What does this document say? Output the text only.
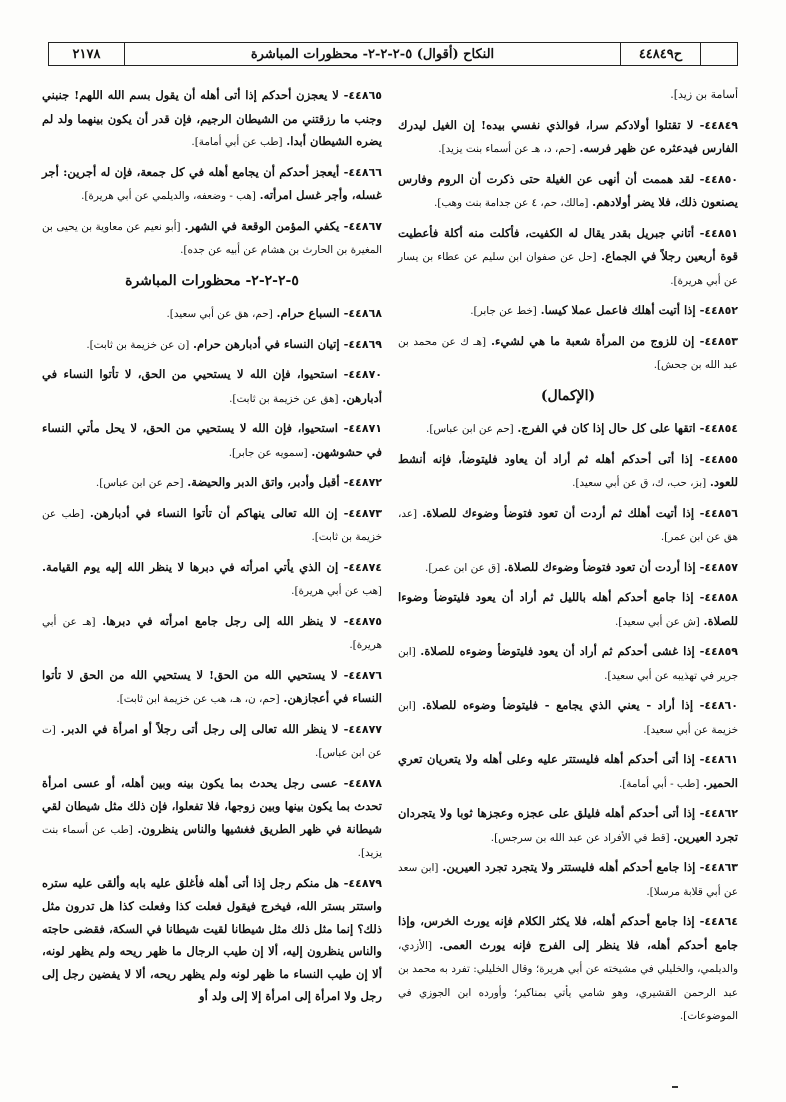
٢١٧٨	النكاح (أقوال) ٥-٢-٢-٢- محظورات المباشرة	ح٤٤٨٤٩
أسامة بن زيد].
٤٤٨٤٩- لا تقتلوا أولادكم سرا، فوالذي نفسي بيده! إن الغيل ليدرك الفارس فيدعثره عن ظهر فرسه. [حم، د، هـ عن أسماء بنت يزيد].
٤٤٨٥٠- لقد هممت أن أنهى عن الغيلة حتى ذكرت أن الروم وفارس يصنعون ذلك، فلا يضر أولادهم. [مالك، حم، ٤ عن جدامة بنت وهب].
٤٤٨٥١- أتاني جبريل بقدر يقال له الكفيت، فأكلت منه أكلة فأعطيت قوة أربعين رجلاً في الجماع. [حل عن صفوان ابن سليم عن عطاء بن يسار عن أبي هريرة].
٤٤٨٥٢- إذا أتيت أهلك فاعمل عملا كيسا. [خط عن جابر].
٤٤٨٥٣- إن للزوج من المرأة شعبة ما هي لشيء. [هـ ك عن محمد بن عبد الله بن جحش].
(الإكمال)
٤٤٨٥٤- اتقها على كل حال إذا كان في الفرج. [حم عن ابن عباس].
٤٤٨٥٥- إذا أتى أحدكم أهله ثم أراد أن يعاود فليتوضأ، فإنه أنشط للعود. [بز، حب، ك، ق عن أبي سعيد].
٤٤٨٥٦- إذا أتيت أهلك ثم أردت أن تعود فتوضأ وضوءك للصلاة. [عد، هق عن ابن عمر].
٤٤٨٥٧- إذا أردت أن تعود فتوضأ وضوءك للصلاة. [ق عن ابن عمر].
٤٤٨٥٨- إذا جامع أحدكم أهله بالليل ثم أراد أن يعود فليتوضأ وضوءا للصلاة. [ش عن أبي سعيد].
٤٤٨٥٩- إذا غشى أحدكم ثم أراد أن يعود فليتوضأ وضوءه للصلاة. [ابن جرير في تهذيبه عن أبي سعيد].
٤٤٨٦٠- إذا أراد - يعني الذي يجامع - فليتوضأ وضوءه للصلاة. [ابن خزيمة عن أبي سعيد].
٤٤٨٦١- إذا أتى أحدكم أهله فليستتر عليه وعلى أهله ولا يتعريان تعري الحمير. [طب - أبي أمامة].
٤٤٨٦٢- إذا أتى أحدكم أهله فليلق على عجزه وعجزها ثوبا ولا يتجردان تجرد العيرين. [قط في الأفراد عن عبد الله بن سرجس].
٤٤٨٦٣- إذا جامع أحدكم أهله فليستتر ولا يتجرد تجرد العيرين. [ابن سعد عن أبي قلابة مرسلا].
٤٤٨٦٤- إذا جامع أحدكم أهله، فلا يكثر الكلام فإنه يورث الخرس، وإذا جامع أحدكم أهله، فلا ينظر إلى الفرج فإنه يورث العمى. [الأزدي، والديلمي، والخليلي في مشيخته عن أبي هريرة؛ وقال الخليلي: تفرد به محمد بن عبد الرحمن القشيري، وهو شامي يأتي بمناكير؛ وأورده ابن الجوزي في الموضوعات].
٤٤٨٦٥- لا يعجزن أحدكم إذا أتى أهله أن يقول بسم الله اللهم! جنبني وجنب ما رزقتني من الشيطان الرجيم، فإن قدر أن يكون بينهما ولد لم يضره الشيطان أبدا. [طب عن أبي أمامة].
٤٤٨٦٦- أيعجز أحدكم أن يجامع أهله في كل جمعة، فإن له أجرين: أجر غسله، وأجر غسل امرأته. [هب - وضعفه، والديلمي عن أبي هريرة].
٤٤٨٦٧- يكفي المؤمن الوقعة في الشهر. [أبو نعيم عن معاوية بن يحيى بن المغيرة بن الحارث بن هشام عن أبيه عن جده].
٥-٢-٢-٢- محظورات المباشرة
٤٤٨٦٨- السباع حرام. [حم، هق عن أبي سعيد].
٤٤٨٦٩- إتيان النساء في أدبارهن حرام. [ن عن خزيمة بن ثابت].
٤٤٨٧٠- استحيوا، فإن الله لا يستحيي من الحق، لا تأتوا النساء في أدبارهن. [هق عن خزيمة بن ثابت].
٤٤٨٧١- استحيوا، فإن الله لا يستحيي من الحق، لا يحل مأتي النساء في حشوشهن. [سمويه عن جابر].
٤٤٨٧٢- أقبل وأدبر، واتق الدبر والحيضة. [حم عن ابن عباس].
٤٤٨٧٣- إن الله تعالى ينهاكم أن تأتوا النساء في أدبارهن. [طب عن خزيمة بن ثابت].
٤٤٨٧٤- إن الذي يأتي امرأته في دبرها لا ينظر الله إليه يوم القيامة. [هب عن أبي هريرة].
٤٤٨٧٥- لا ينظر الله إلى رجل جامع امرأته في دبرها. [هـ عن أبي هريرة].
٤٤٨٧٦- لا يستحيي الله من الحق! لا يستحيي الله من الحق لا تأتوا النساء في أعجازهن. [حم، ن، هـ، هب عن خزيمة ابن ثابت].
٤٤٨٧٧- لا ينظر الله تعالى إلى رجل أتى رجلاً أو امرأة في الدبر. [ت عن ابن عباس].
٤٤٨٧٨- عسى رجل يحدث بما يكون بينه وبين أهله، أو عسى امرأة تحدث بما يكون بينها وبين زوجها، فلا تفعلوا، فإن ذلك مثل شيطان لقي شيطانة في ظهر الطريق فغشيها والناس ينظرون. [طب عن أسماء بنت يزيد].
٤٤٨٧٩- هل منكم رجل إذا أتى أهله فأغلق عليه بابه وألقى عليه ستره واستتر بستر الله، فيخرج فيقول فعلت كذا وفعلت كذا هل تدرون مثل ذلك؟ إنما مثل ذلك مثل شيطانا لقيت شيطانا في السكة، فقضى حاجته والناس ينظرون إليه، ألا إن طيب الرجال ما ظهر ريحه ولم يظهر لونه، ألا إن طيب النساء ما ظهر لونه ولم يظهر ريحه، ألا لا يفضين رجل إلى رجل ولا امرأة إلى امرأة إلا إلى ولد أو
